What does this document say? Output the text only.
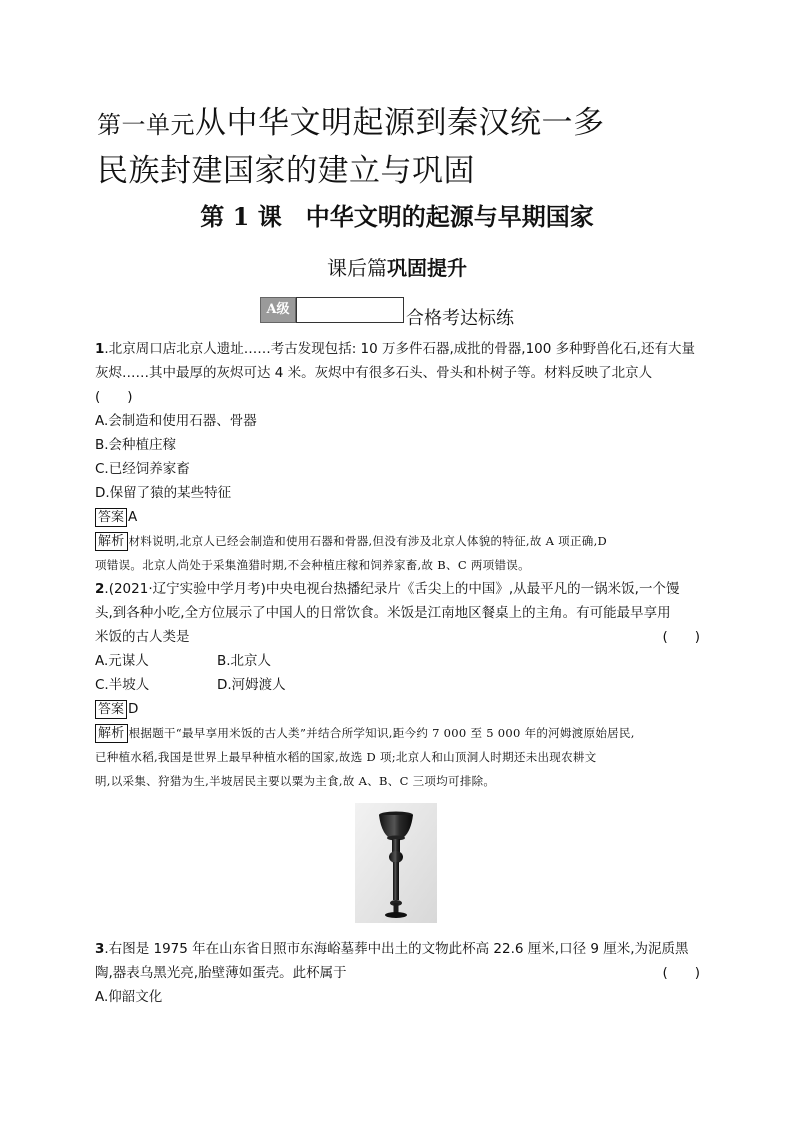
第一单元从中华文明起源到秦汉统一多
民族封建国家的建立与巩固
第 1 课　中华文明的起源与早期国家
课后篇巩固提升
A级	合格考达标练
1.北京周口店北京人遗址……考古发现包括: 10 万多件石器,成批的骨器,100 多种野兽化石,还有大量
灰烬……其中最厚的灰烬可达 4 米。灰烬中有很多石头、骨头和朴树子等。材料反映了北京人
(　　)
A.会制造和使用石器、骨器
B.会种植庄稼
C.已经饲养家畜
D.保留了猿的某些特征
答案 A
解析 材料说明,北京人已经会制造和使用石器和骨器,但没有涉及北京人体貌的特征,故 A 项正确,D
项错误。北京人尚处于采集渔猎时期,不会种植庄稼和饲养家畜,故 B、C 两项错误。
2.(2021·辽宁实验中学月考)中央电视台热播纪录片《舌尖上的中国》,从最平凡的一锅米饭,一个馒
头,到各种小吃,全方位展示了中国人的日常饮食。米饭是江南地区餐桌上的主角。有可能最早享用
米饭的古人类是	(　　)
A.元谋人	B.北京人
C.半坡人	D.河姆渡人
答案 D
解析 根据题干“最早享用米饭的古人类”并结合所学知识,距今约 7 000 至 5 000 年的河姆渡原始居民,
已种植水稻,我国是世界上最早种植水稻的国家,故选 D 项;北京人和山顶洞人时期还未出现农耕文
明,以采集、狩猎为生,半坡居民主要以粟为主食,故 A、B、C 三项均可排除。
3.右图是 1975 年在山东省日照市东海峪墓葬中出土的文物此杯高 22.6 厘米,口径 9 厘米,为泥质黑
陶,器表乌黑光亮,胎壁薄如蛋壳。此杯属于	(　　)
A.仰韶文化
